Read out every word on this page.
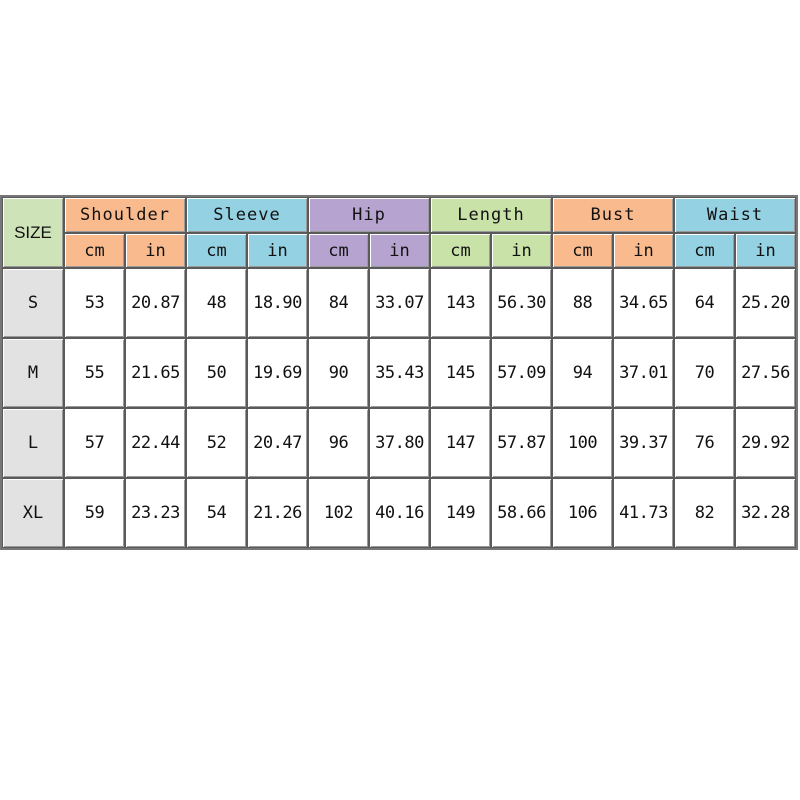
SIZE	Shoulder		Sleeve		Hip		Length		Bust		Waist	
	cm	in	cm	in	cm	in	cm	in	cm	in	cm	in
S	53	20.87	48	18.90	84	33.07	143	56.30	88	34.65	64	25.20
M	55	21.65	50	19.69	90	35.43	145	57.09	94	37.01	70	27.56
L	57	22.44	52	20.47	96	37.80	147	57.87	100	39.37	76	29.92
XL	59	23.23	54	21.26	102	40.16	149	58.66	106	41.73	82	32.28
